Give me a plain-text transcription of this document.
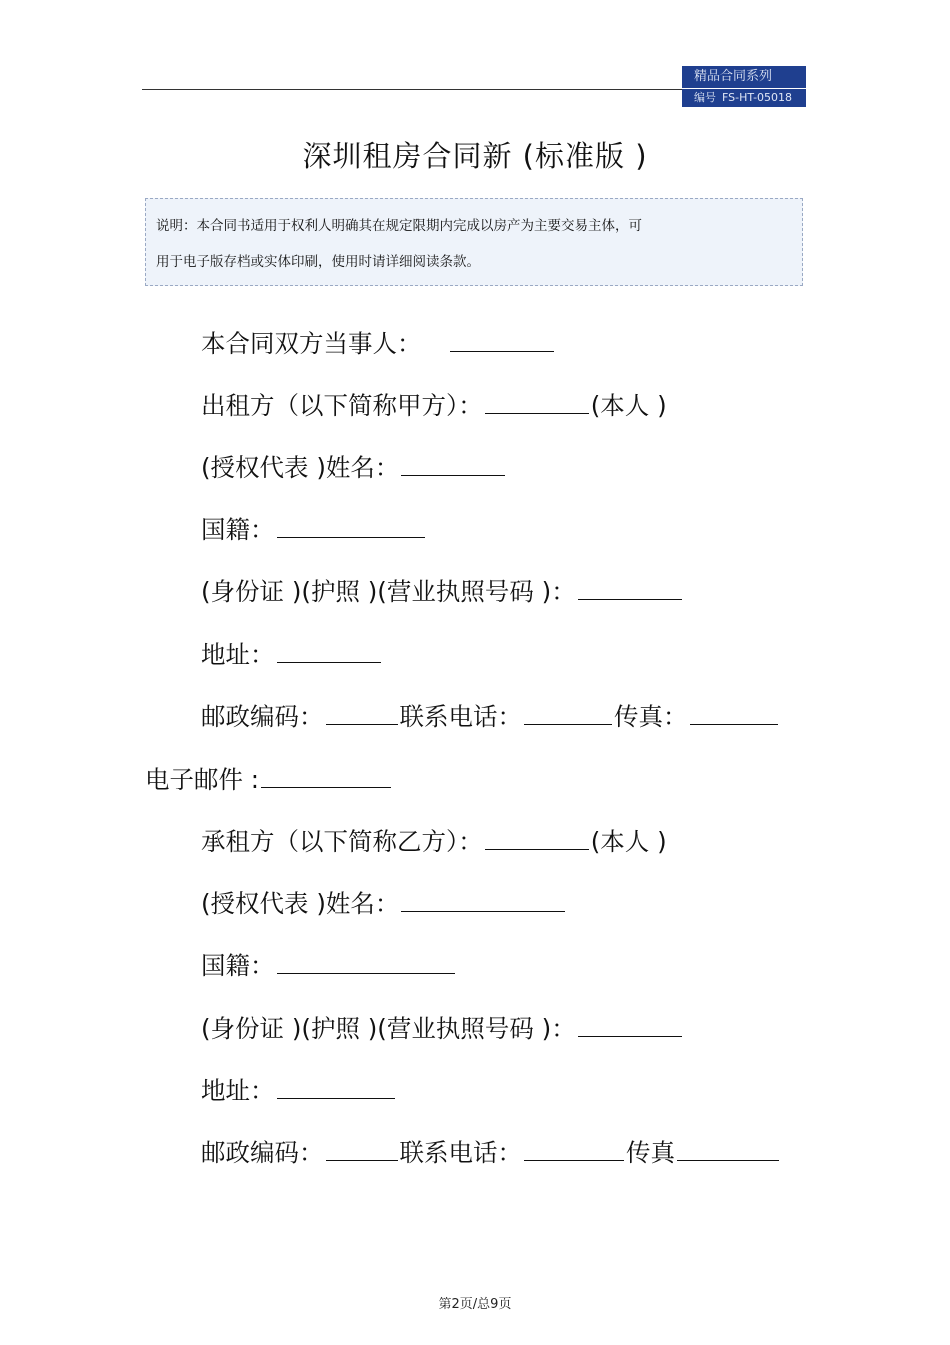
精品合同系列
编号 FS-HT-05018
深圳租房合同新 (标准版 )
说明：本合同书适用于权利人明确其在规定限期内完成以房产为主要交易主体，可
用于电子版存档或实体印刷，使用时请详细阅读条款。
本合同双方当事人：
出租方（以下简称甲方）：	(本人 )
(授权代表 )姓名：
国籍：
(身份证 )(护照 )(营业执照号码 )：
地址：
邮政编码：	联系电话：	传真：
电子邮件 :
承租方（以下简称乙方）：	(本人 )
(授权代表 )姓名：
国籍：
(身份证 )(护照 )(营业执照号码 )：
地址：
邮政编码：	联系电话：	传真
第2页/总9页
